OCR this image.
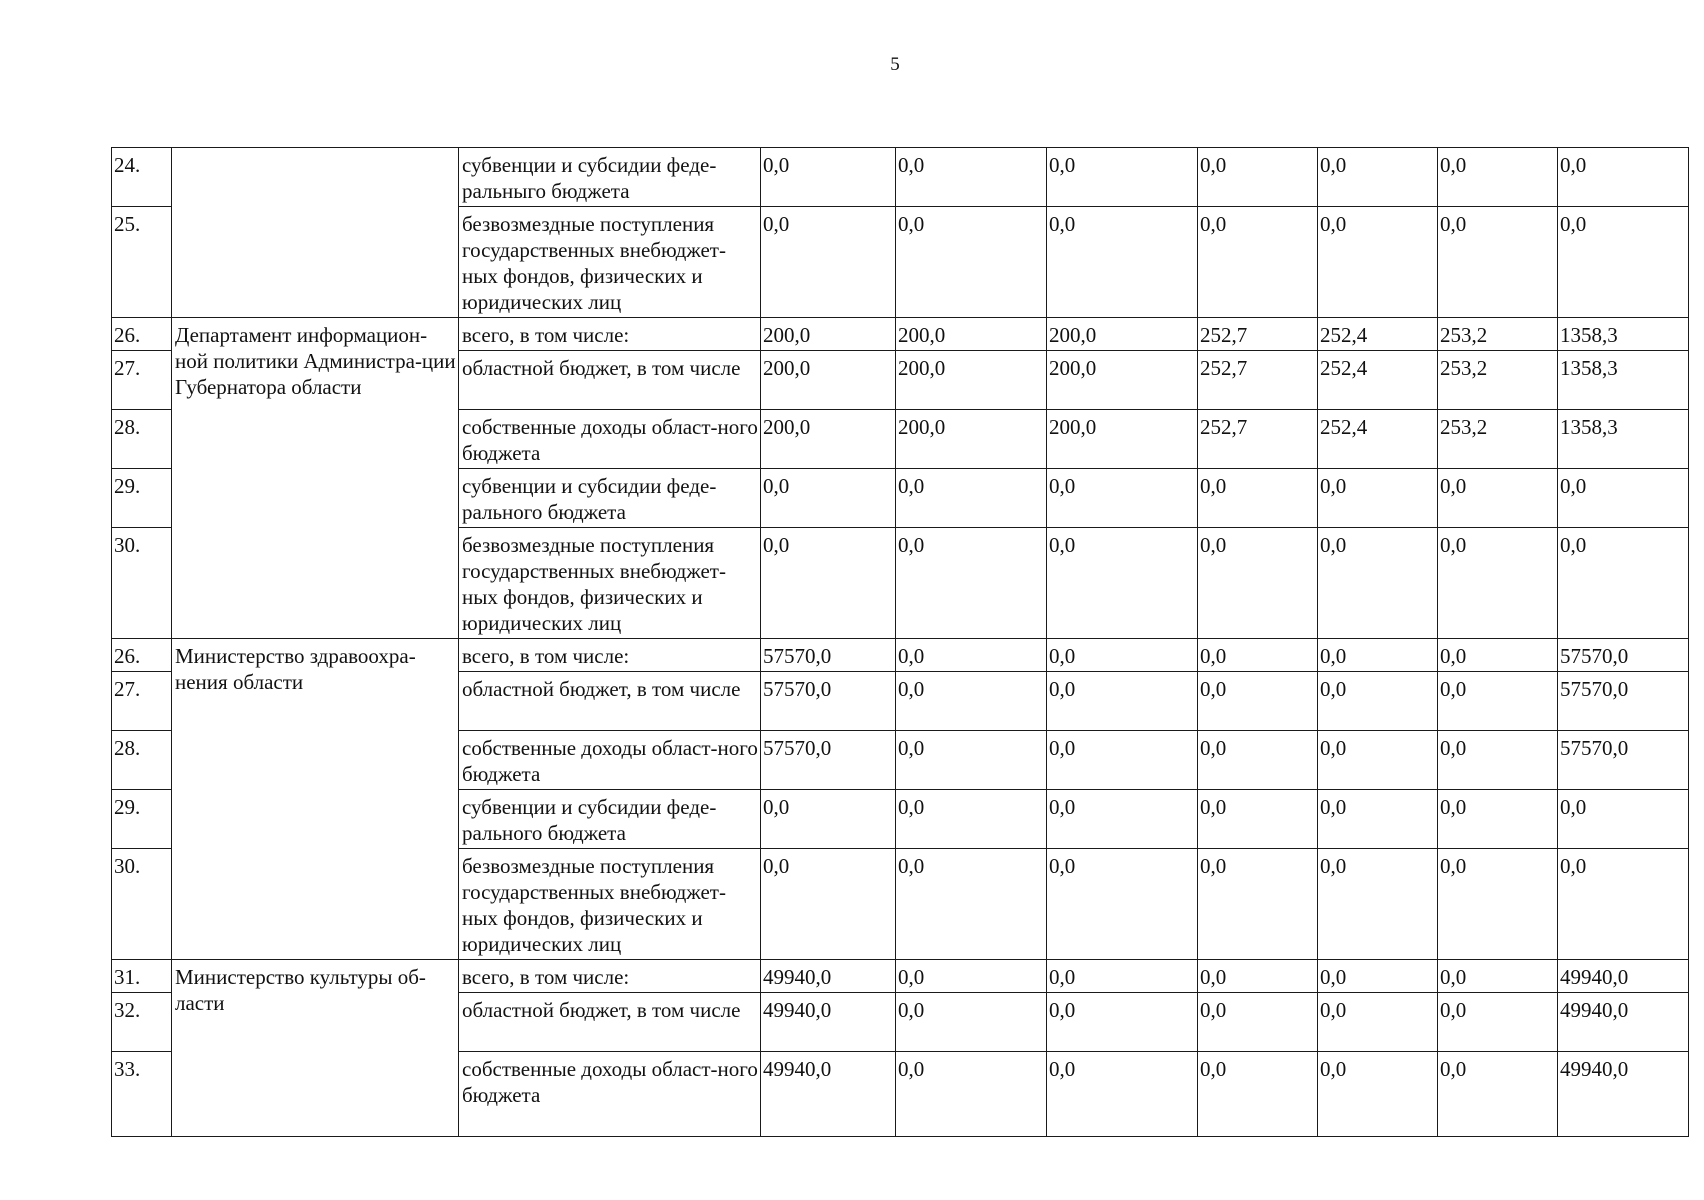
5
24.		субвенции и субсидии феде-ральныго бюджета	0,0	0,0	0,0	0,0	0,0	0,0	0,0
25.		безвозмездные поступления государственных внебюджет-ных фондов, физических и юридических лиц	0,0	0,0	0,0	0,0	0,0	0,0	0,0
26.	Департамент информацион-ной политики Администра-ции Губернатора области	всего, в том числе:	200,0	200,0	200,0	252,7	252,4	253,2	1358,3
27.		областной бюджет, в том числе	200,0	200,0	200,0	252,7	252,4	253,2	1358,3
28.		собственные доходы област-ного бюджета	200,0	200,0	200,0	252,7	252,4	253,2	1358,3
29.		субвенции и субсидии феде-рального бюджета	0,0	0,0	0,0	0,0	0,0	0,0	0,0
30.		безвозмездные поступления государственных внебюджет-ных фондов, физических и юридических лиц	0,0	0,0	0,0	0,0	0,0	0,0	0,0
26.	Министерство здравоохра-нения области	всего, в том числе:	57570,0	0,0	0,0	0,0	0,0	0,0	57570,0
27.		областной бюджет, в том числе	57570,0	0,0	0,0	0,0	0,0	0,0	57570,0
28.		собственные доходы област-ного бюджета	57570,0	0,0	0,0	0,0	0,0	0,0	57570,0
29.		субвенции и субсидии феде-рального бюджета	0,0	0,0	0,0	0,0	0,0	0,0	0,0
30.		безвозмездные поступления государственных внебюджет-ных фондов, физических и юридических лиц	0,0	0,0	0,0	0,0	0,0	0,0	0,0
31.	Министерство культуры об-ласти	всего, в том числе:	49940,0	0,0	0,0	0,0	0,0	0,0	49940,0
32.		областной бюджет, в том числе	49940,0	0,0	0,0	0,0	0,0	0,0	49940,0
33.		собственные доходы област-ного бюджета	49940,0	0,0	0,0	0,0	0,0	0,0	49940,0
